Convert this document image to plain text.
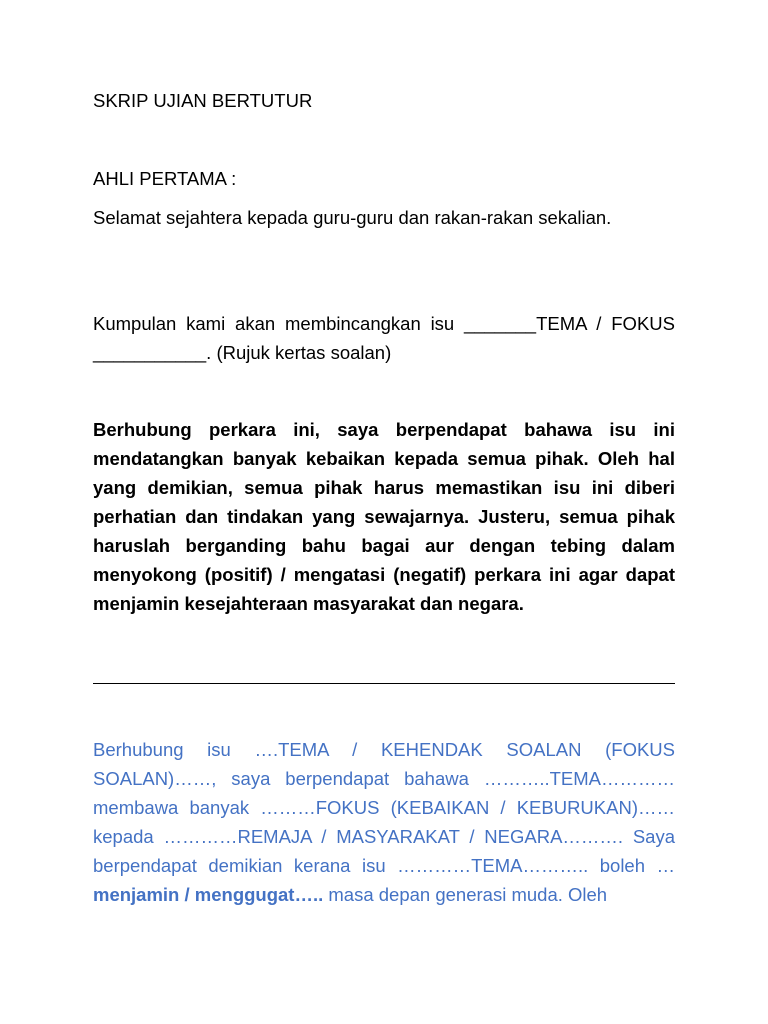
SKRIP UJIAN BERTUTUR
AHLI PERTAMA :

Selamat sejahtera kepada guru-guru dan rakan-rakan sekalian.

Kumpulan kami akan membincangkan isu _______TEMA / FOKUS ___________. (Rujuk kertas soalan)

Berhubung perkara ini, saya berpendapat bahawa isu ini mendatangkan banyak kebaikan kepada semua pihak. Oleh hal yang demikian, semua pihak harus memastikan isu ini diberi perhatian dan tindakan yang sewajarnya. Justeru, semua pihak haruslah berganding bahu bagai aur dengan tebing dalam menyokong (positif) / mengatasi (negatif) perkara ini agar dapat menjamin kesejahteraan masyarakat dan negara.

Berhubung isu ….TEMA / KEHENDAK SOALAN (FOKUS SOALAN)……, saya berpendapat bahawa ………..TEMA………… membawa banyak ………FOKUS (KEBAIKAN / KEBURUKAN)…… kepada …………REMAJA / MASYARAKAT / NEGARA………. Saya berpendapat demikian kerana isu …………TEMA……….. boleh … menjamin / menggugat….. masa depan generasi muda. Oleh
